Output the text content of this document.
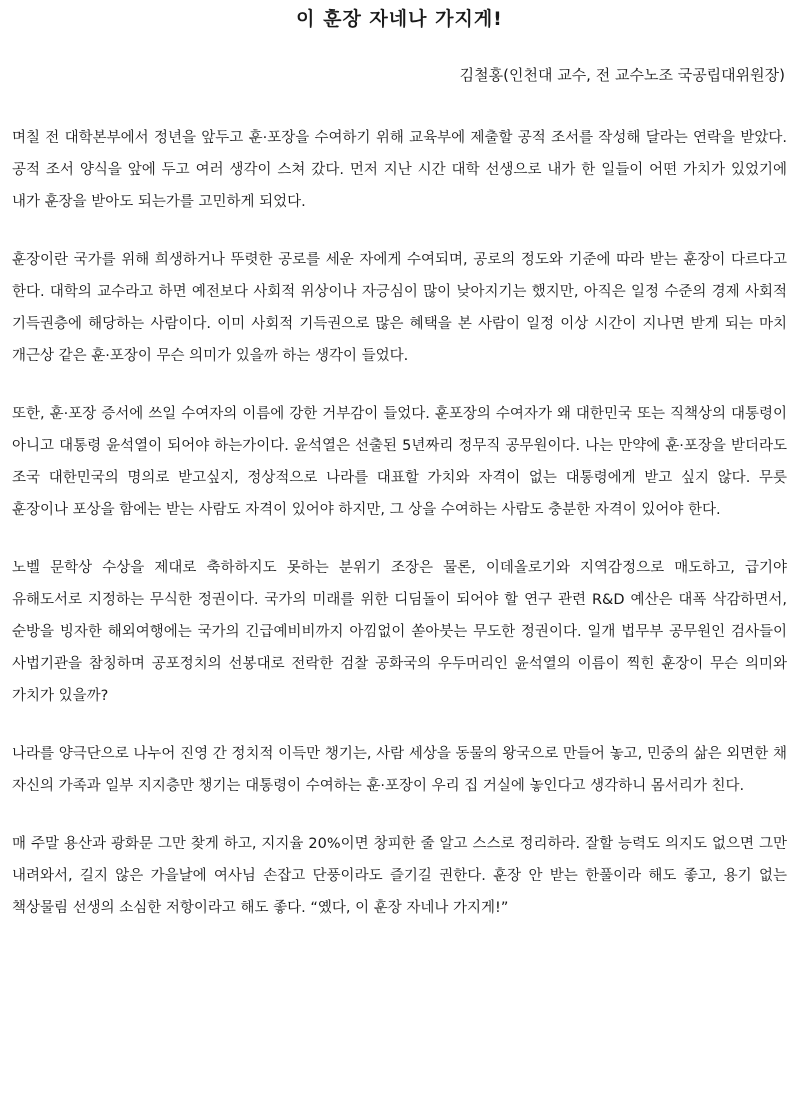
이 훈장 자네나 가지게!
김철홍(인천대 교수, 전 교수노조 국공립대위원장)

며칠 전 대학본부에서 정년을 앞두고 훈·포장을 수여하기 위해 교육부에 제출할 공적 조서를 작성해 달라는 연락을 받았다. 공적 조서 양식을 앞에 두고 여러 생각이 스쳐 갔다. 먼저 지난 시간 대학 선생으로 내가 한 일들이 어떤 가치가 있었기에 내가 훈장을 받아도 되는가를 고민하게 되었다.

훈장이란 국가를 위해 희생하거나 뚜렷한 공로를 세운 자에게 수여되며, 공로의 정도와 기준에 따라 받는 훈장이 다르다고 한다. 대학의 교수라고 하면 예전보다 사회적 위상이나 자긍심이 많이 낮아지기는 했지만, 아직은 일정 수준의 경제 사회적 기득권층에 해당하는 사람이다. 이미 사회적 기득권으로 많은 혜택을 본 사람이 일정 이상 시간이 지나면 받게 되는 마치 개근상 같은 훈·포장이 무슨 의미가 있을까 하는 생각이 들었다.

또한, 훈·포장 증서에 쓰일 수여자의 이름에 강한 거부감이 들었다. 훈포장의 수여자가 왜 대한민국 또는 직책상의 대통령이 아니고 대통령 윤석열이 되어야 하는가이다. 윤석열은 선출된 5년짜리 정무직 공무원이다. 나는 만약에 훈·포장을 받더라도 조국 대한민국의 명의로 받고싶지, 정상적으로 나라를 대표할 가치와 자격이 없는 대통령에게 받고 싶지 않다. 무릇 훈장이나 포상을 함에는 받는 사람도 자격이 있어야 하지만, 그 상을 수여하는 사람도 충분한 자격이 있어야 한다.

노벨 문학상 수상을 제대로 축하하지도 못하는 분위기 조장은 물론, 이데올로기와 지역감정으로 매도하고, 급기야 유해도서로 지정하는 무식한 정권이다. 국가의 미래를 위한 디딤돌이 되어야 할 연구 관련 R&D 예산은 대폭 삭감하면서, 순방을 빙자한 해외여행에는 국가의 긴급예비비까지 아낌없이 쏟아붓는 무도한 정권이다. 일개 법무부 공무원인 검사들이 사법기관을 참칭하며 공포정치의 선봉대로 전락한 검찰 공화국의 우두머리인 윤석열의 이름이 찍힌 훈장이 무슨 의미와 가치가 있을까?

나라를 양극단으로 나누어 진영 간 정치적 이득만 챙기는, 사람 세상을 동물의 왕국으로 만들어 놓고, 민중의 삶은 외면한 채 자신의 가족과 일부 지지층만 챙기는 대통령이 수여하는 훈·포장이 우리 집 거실에 놓인다고 생각하니 몸서리가 친다.

매 주말 용산과 광화문 그만 찾게 하고, 지지율 20%이면 창피한 줄 알고 스스로 정리하라. 잘할 능력도 의지도 없으면 그만 내려와서, 길지 않은 가을날에 여사님 손잡고 단풍이라도 즐기길 권한다. 훈장 안 받는 한풀이라 해도 좋고, 용기 없는 책상물림 선생의 소심한 저항이라고 해도 좋다. “옜다, 이 훈장 자네나 가지게!”
